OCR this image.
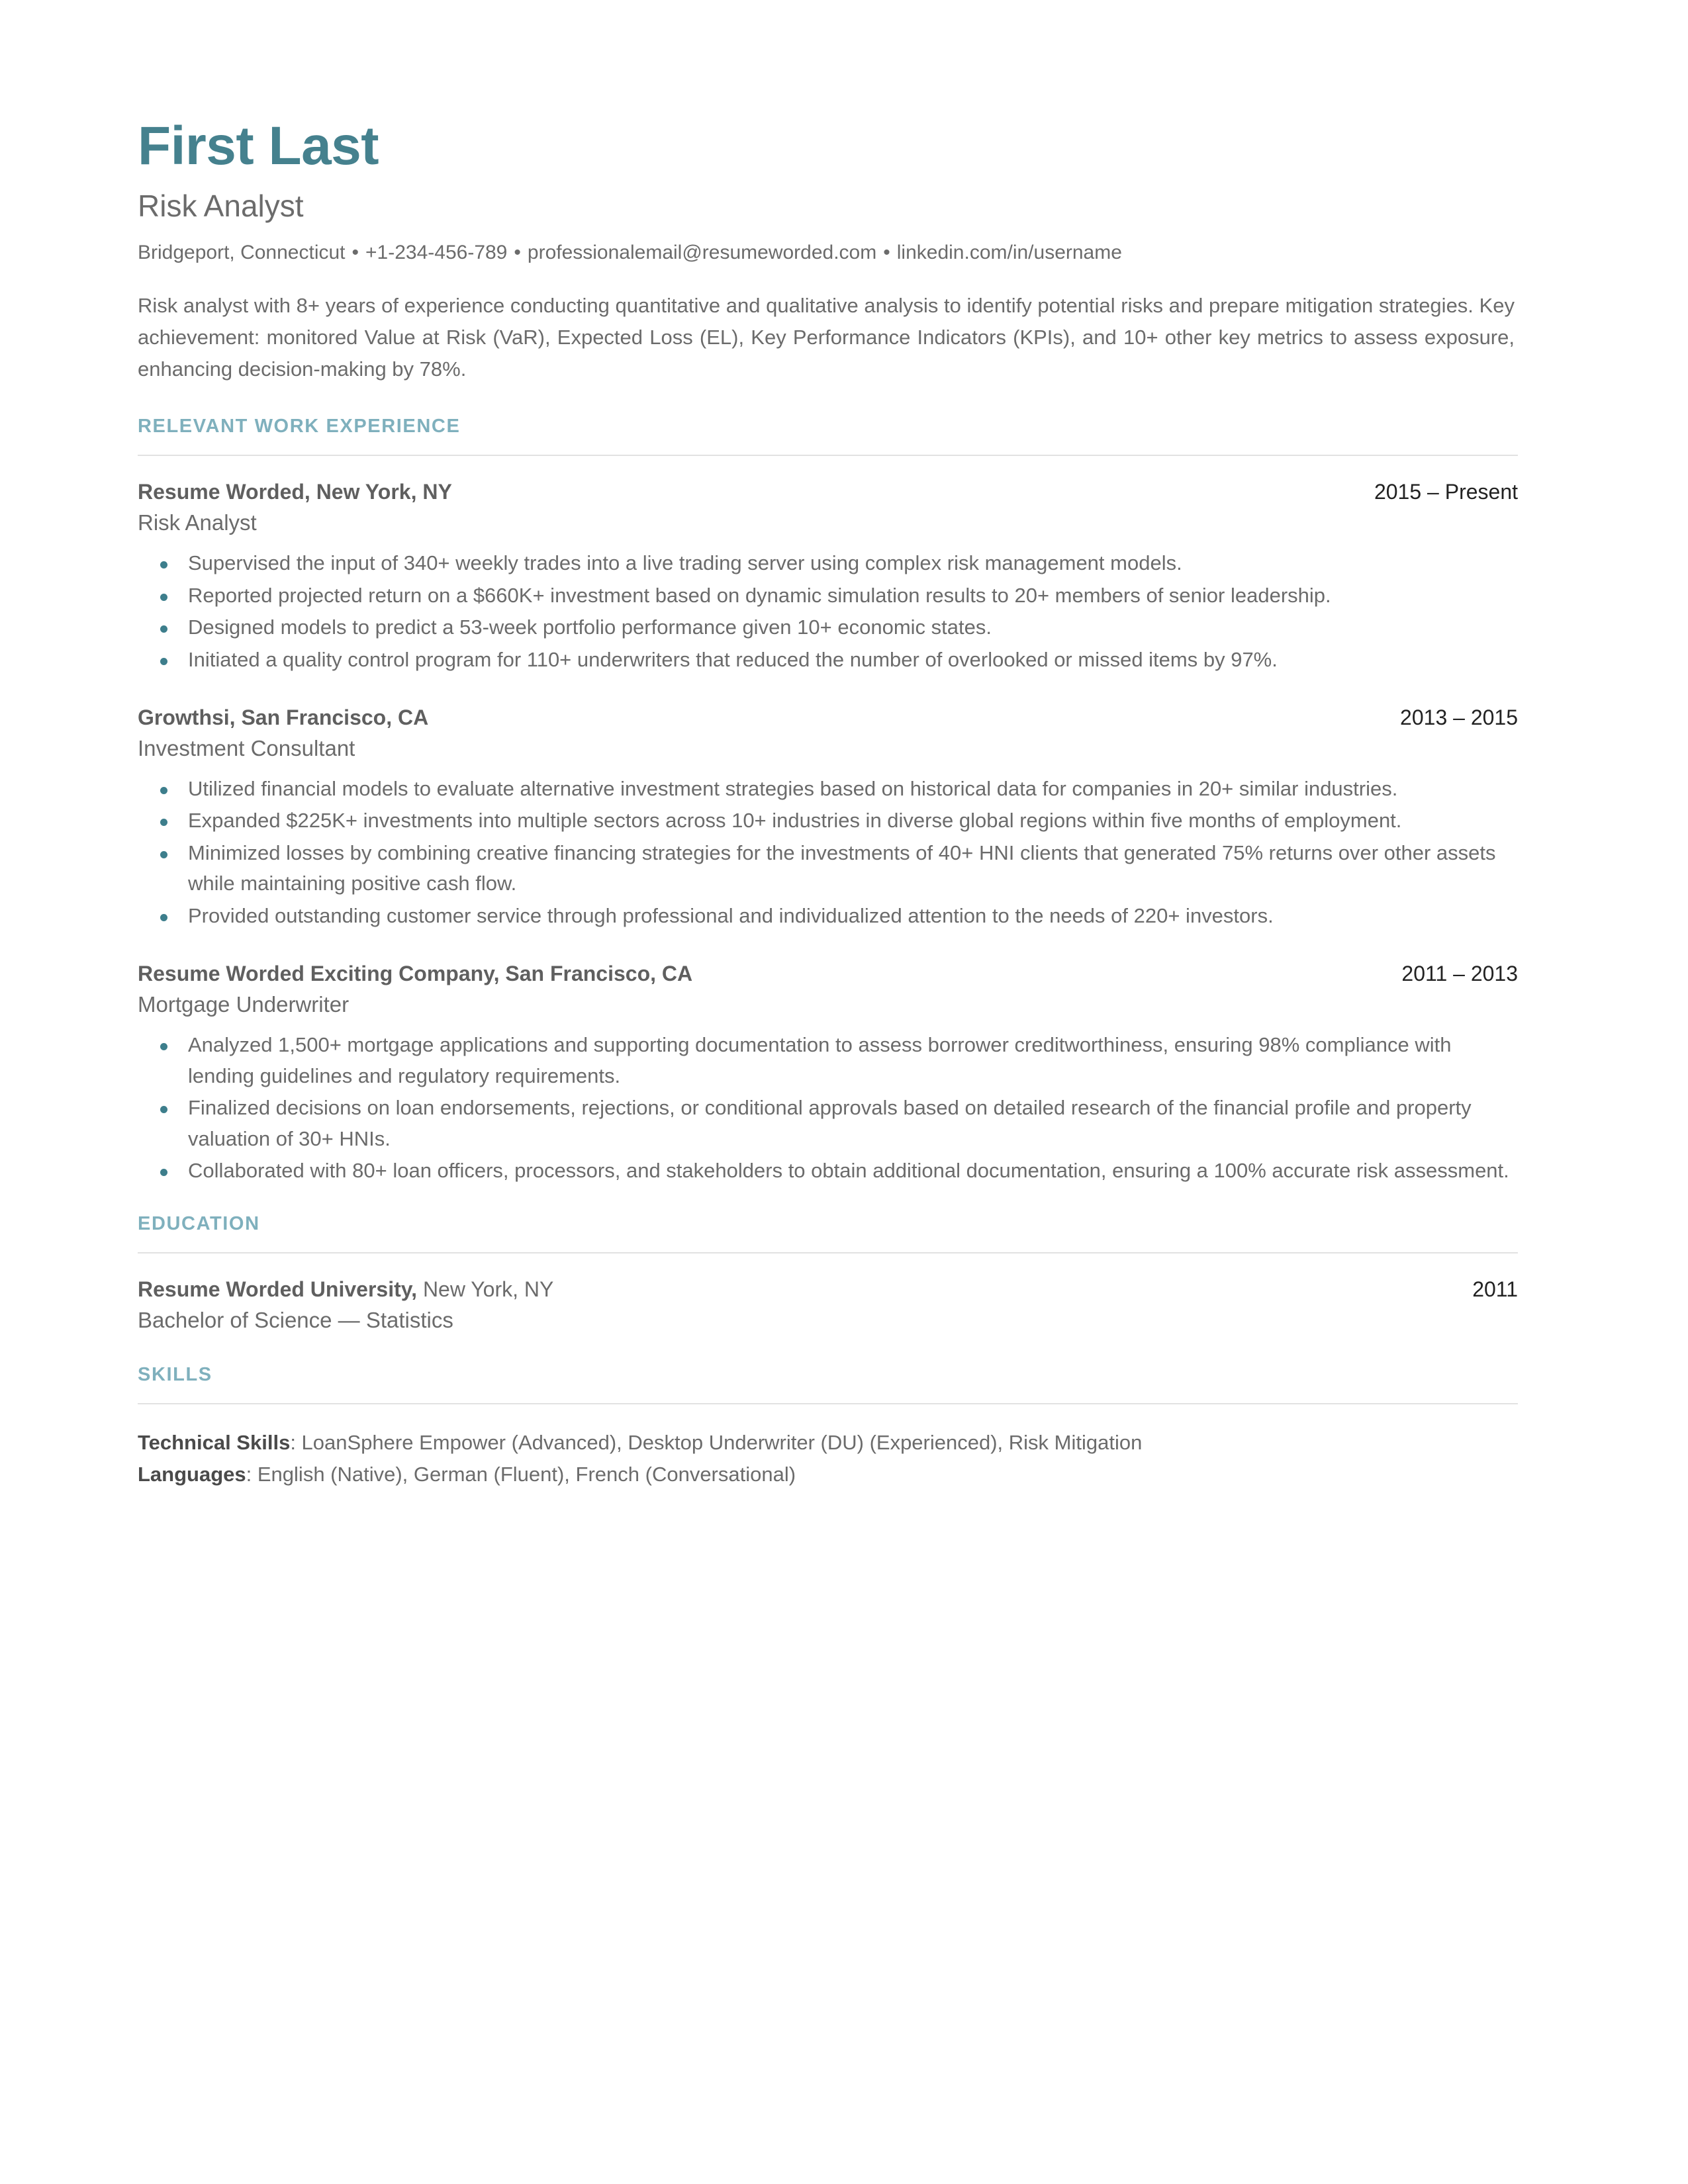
First Last
Risk Analyst
Bridgeport, Connecticut • +1-234-456-789 • professionalemail@resumeworded.com • linkedin.com/in/username

Risk analyst with 8+ years of experience conducting quantitative and qualitative analysis to identify potential risks and prepare mitigation strategies. Key achievement: monitored Value at Risk (VaR), Expected Loss (EL), Key Performance Indicators (KPIs), and 10+ other key metrics to assess exposure, enhancing decision-making by 78%.

RELEVANT WORK EXPERIENCE
Resume Worded, New York, NY	2015 – Present
Risk Analyst
Supervised the input of 340+ weekly trades into a live trading server using complex risk management models.
Reported projected return on a $660K+ investment based on dynamic simulation results to 20+ members of senior leadership.
Designed models to predict a 53-week portfolio performance given 10+ economic states.
Initiated a quality control program for 110+ underwriters that reduced the number of overlooked or missed items by 97%.
Growthsi, San Francisco, CA	2013 – 2015
Investment Consultant
Utilized financial models to evaluate alternative investment strategies based on historical data for companies in 20+ similar industries.
Expanded $225K+ investments into multiple sectors across 10+ industries in diverse global regions within five months of employment.
Minimized losses by combining creative financing strategies for the investments of 40+ HNI clients that generated 75% returns over other assets while maintaining positive cash flow.
Provided outstanding customer service through professional and individualized attention to the needs of 220+ investors.
Resume Worded Exciting Company, San Francisco, CA	2011 – 2013
Mortgage Underwriter
Analyzed 1,500+ mortgage applications and supporting documentation to assess borrower creditworthiness, ensuring 98% compliance with lending guidelines and regulatory requirements.
Finalized decisions on loan endorsements, rejections, or conditional approvals based on detailed research of the financial profile and property valuation of 30+ HNIs.
Collaborated with 80+ loan officers, processors, and stakeholders to obtain additional documentation, ensuring a 100% accurate risk assessment.
EDUCATION
Resume Worded University, New York, NY	2011
Bachelor of Science — Statistics
SKILLS
Technical Skills: LoanSphere Empower (Advanced), Desktop Underwriter (DU) (Experienced), Risk Mitigation
Languages: English (Native), German (Fluent), French (Conversational)
